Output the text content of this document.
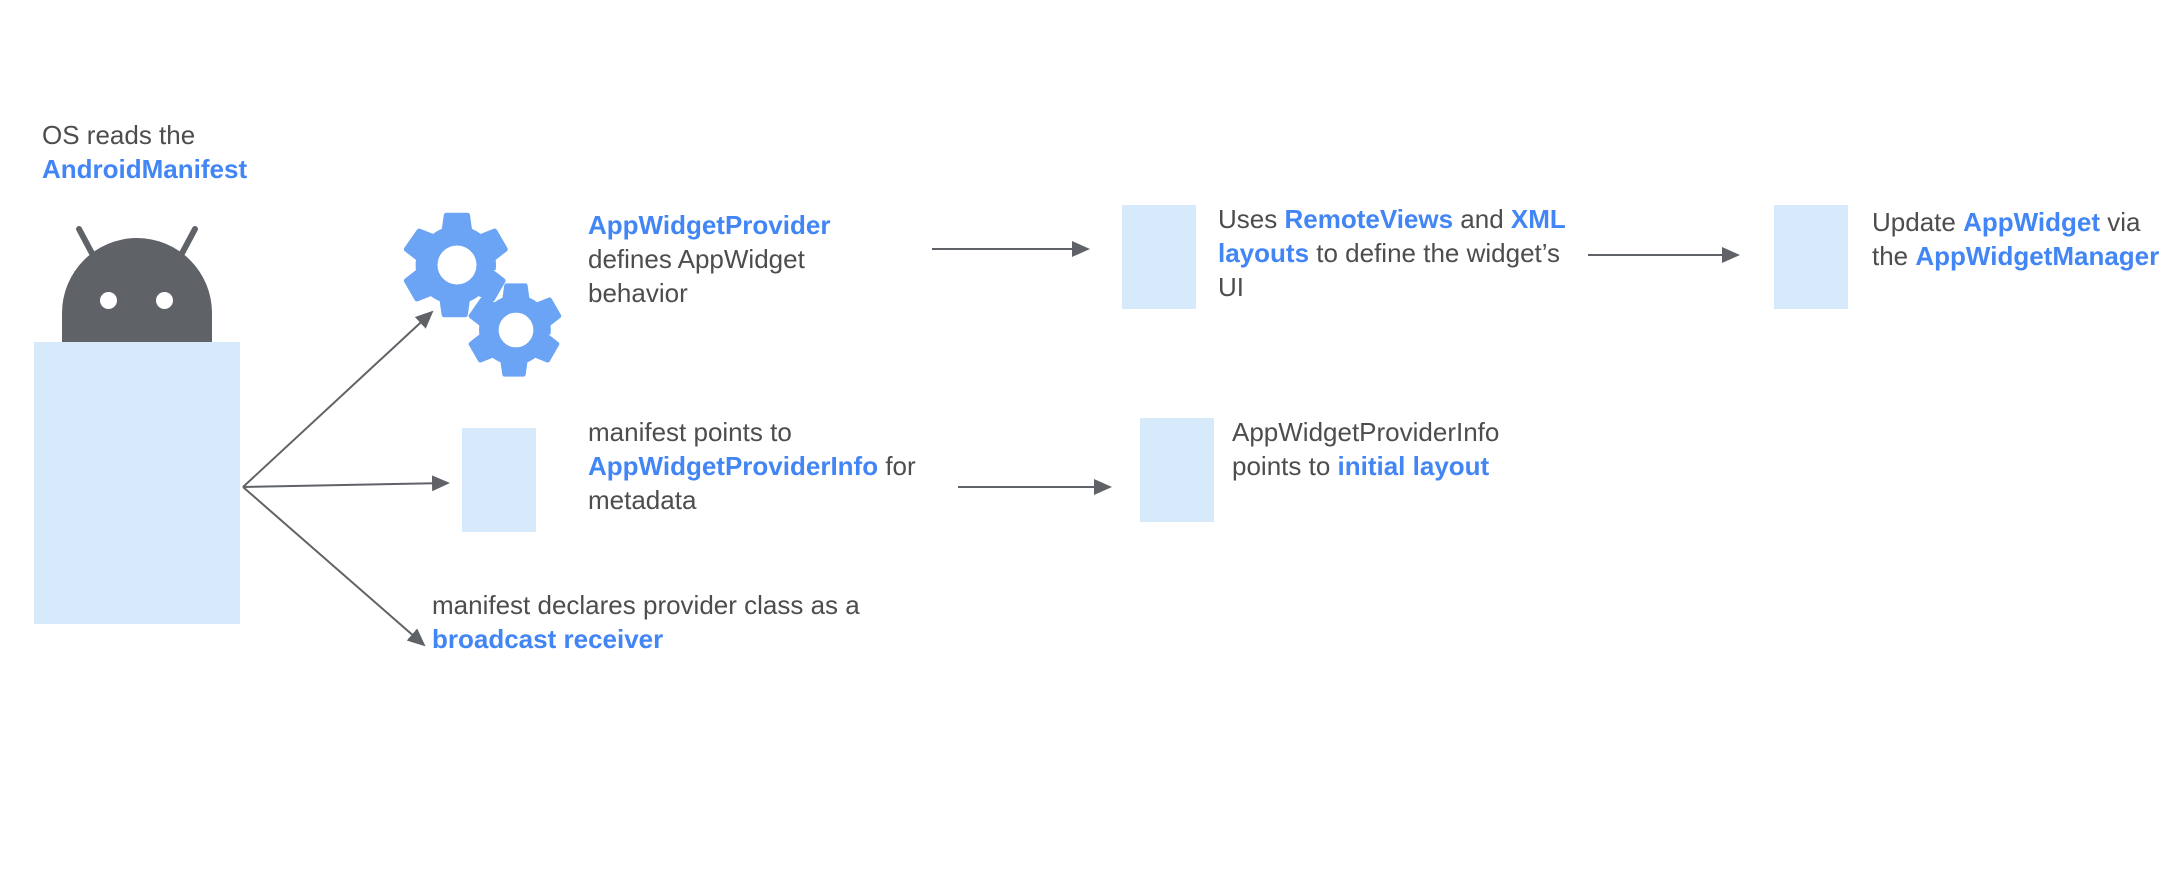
OS reads the
AndroidManifest
AppWidgetProvider defines AppWidget behavior
manifest points to AppWidgetProviderInfo for metadata
manifest declares provider class as a broadcast receiver
Uses RemoteViews and XML layouts to define the widget’s UI
AppWidgetProviderInfo points to initial layout
Update AppWidget via the AppWidgetManager
